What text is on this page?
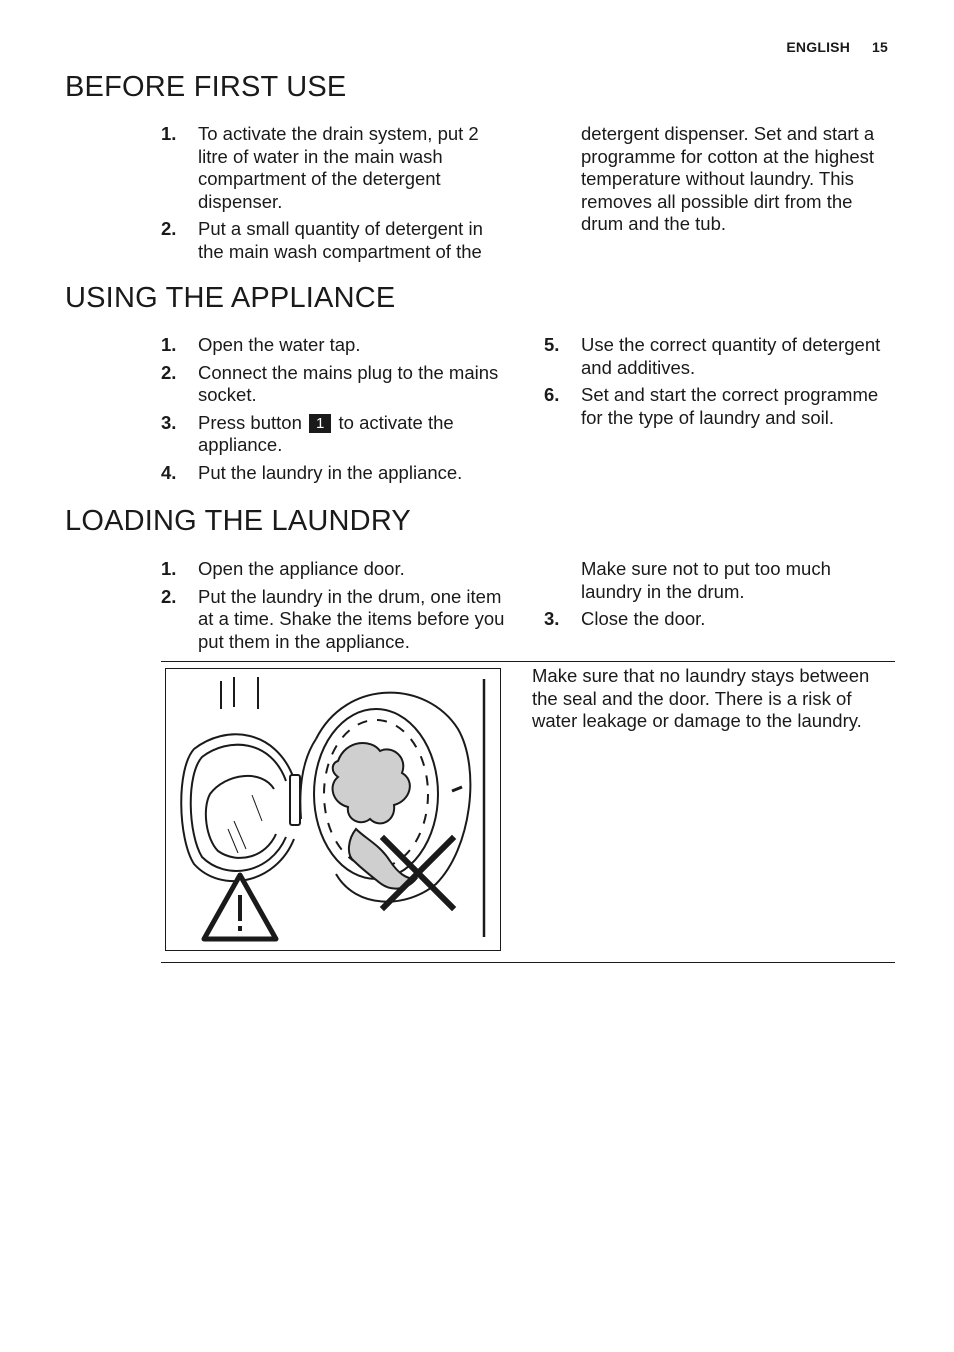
ENGLISH 15
BEFORE FIRST USE
1. To activate the drain system, put 2 litre of water in the main wash compartment of the detergent dispenser.
2. Put a small quantity of detergent in the main wash compartment of the

detergent dispenser. Set and start a programme for cotton at the highest temperature without laundry. This removes all possible dirt from the drum and the tub.

USING THE APPLIANCE
1. Open the water tap.
2. Connect the mains plug to the mains socket.
3. Press button 1 to activate the appliance.
4. Put the laundry in the appliance.
5. Use the correct quantity of detergent and additives.
6. Set and start the correct programme for the type of laundry and soil.
LOADING THE LAUNDRY
1. Open the appliance door.
2. Put the laundry in the drum, one item at a time. Shake the items before you put them in the appliance.

Make sure not to put too much laundry in the drum.

3. Close the door.
Make sure that no laundry stays between the seal and the door. There is a risk of water leakage or damage to the laundry.
